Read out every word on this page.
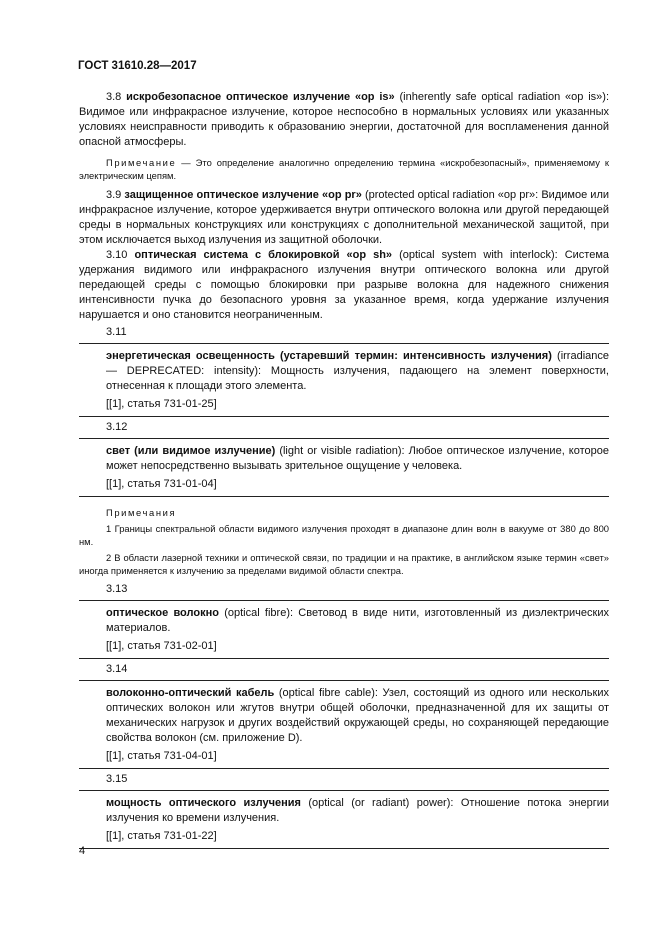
ГОСТ 31610.28—2017

3.8 искробезопасное оптическое излучение «op is» (inherently safe optical radiation «op is»): Видимое или инфракрасное излучение, которое неспособно в нормальных условиях или указанных условиях неисправности приводить к образованию энергии, достаточной для воспламенения данной опасной атмосферы.

Примечание — Это определение аналогично определению термина «искробезопасный», применяемому к электрическим цепям.

3.9 защищенное оптическое излучение «op pr» (protected optical radiation «op pr»: Видимое или инфракрасное излучение, которое удерживается внутри оптического волокна или другой передающей среды в нормальных конструкциях или конструкциях с дополнительной механической защитой, при этом исключается выход излучения из защитной оболочки.

3.10 оптическая система с блокировкой «op sh» (optical system with interlock): Система удержания видимого или инфракрасного излучения внутри оптического волокна или другой передающей среды с помощью блокировки при разрыве волокна для надежного снижения интенсивности пучка до безопасного уровня за указанное время, когда удержание излучения нарушается и оно становится неограниченным.

3.11

энергетическая освещенность (устаревший термин: интенсивность излучения) (irradiance — DEPRECATED: intensity): Мощность излучения, падающего на элемент поверхности, отнесенная к площади этого элемента.

[[1], статья 731-01-25]

3.12

свет (или видимое излучение) (light or visible radiation): Любое оптическое излучение, которое может непосредственно вызывать зрительное ощущение у человека.

[[1], статья 731-01-04]

Примечания

1 Границы спектральной области видимого излучения проходят в диапазоне длин волн в вакууме от 380 до 800 нм.

2 В области лазерной техники и оптической связи, по традиции и на практике, в английском языке термин «свет» иногда применяется к излучению за пределами видимой области спектра.

3.13

оптическое волокно (optical fibre): Световод в виде нити, изготовленный из диэлектрических материалов.

[[1], статья 731-02-01]

3.14

волоконно-оптический кабель (optical fibre cable): Узел, состоящий из одного или нескольких оптических волокон или жгутов внутри общей оболочки, предназначенной для их защиты от механических нагрузок и других воздействий окружающей среды, но сохраняющей передающие свойства волокон (см. приложение D).

[[1], статья 731-04-01]

3.15

мощность оптического излучения (optical (or radiant) power): Отношение потока энергии излучения ко времени излучения.

[[1], статья 731-01-22]

4
